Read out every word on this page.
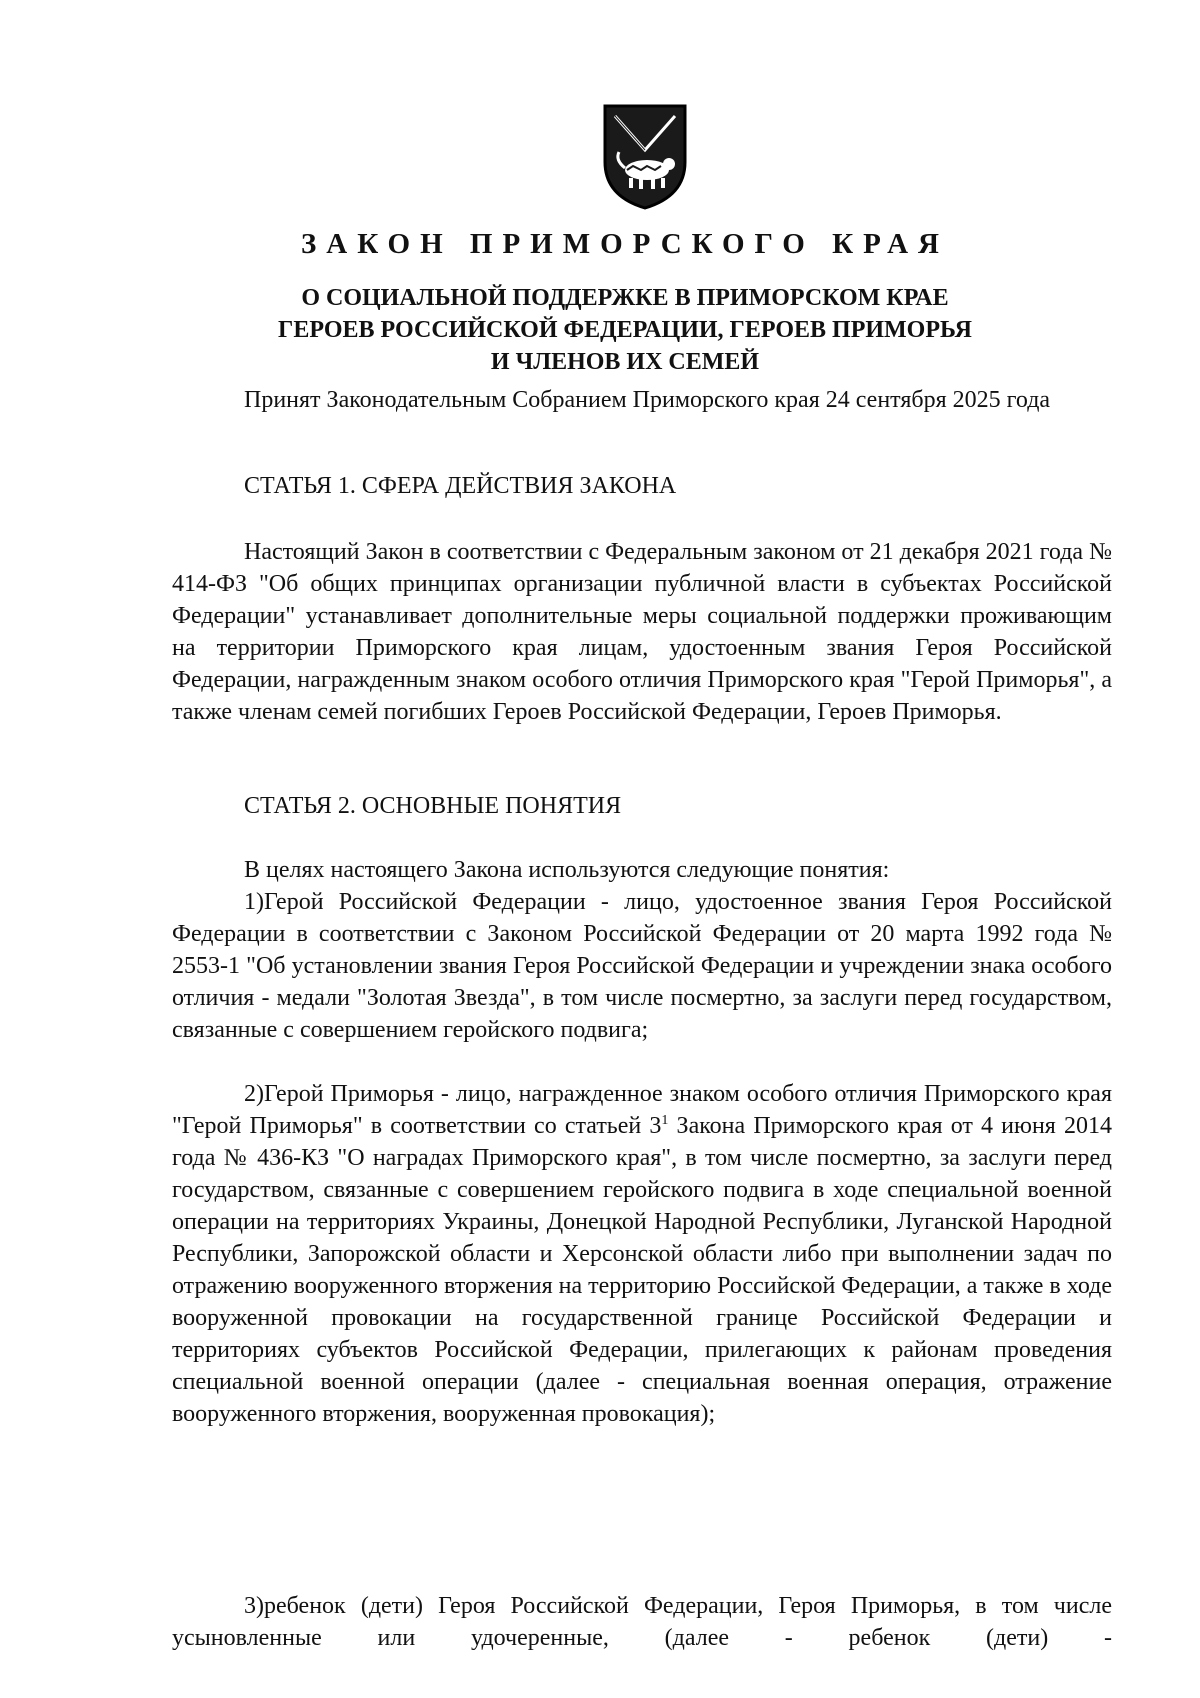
ЗАКОН ПРИМОРСКОГО КРАЯ
О СОЦИАЛЬНОЙ ПОДДЕРЖКЕ В ПРИМОРСКОМ КРАЕ
ГЕРОЕВ РОССИЙСКОЙ ФЕДЕРАЦИИ, ГЕРОЕВ ПРИМОРЬЯ
И ЧЛЕНОВ ИХ СЕМЕЙ
Принят Законодательным Собранием Приморского края 24 сентября 2025 года
СТАТЬЯ 1. СФЕРА ДЕЙСТВИЯ ЗАКОНА
Настоящий Закон в соответствии с Федеральным законом от 21 декабря 2021 года № 414-ФЗ "Об общих принципах организации публичной власти в субъектах Российской Федерации" устанавливает дополнительные меры социальной поддержки проживающим на территории Приморского края лицам, удостоенным звания Героя Российской Федерации, награжденным знаком особого отличия Приморского края "Герой Приморья", а также членам семей погибших Героев Российской Федерации, Героев Приморья.
СТАТЬЯ 2. ОСНОВНЫЕ ПОНЯТИЯ
В целях настоящего Закона используются следующие понятия:
1)Герой Российской Федерации - лицо, удостоенное звания Героя Российской Федерации в соответствии с Законом Российской Федерации от 20 марта 1992 года № 2553-1 "Об установлении звания Героя Российской Федерации и учреждении знака особого отличия - медали "Золотая Звезда", в том числе посмертно, за заслуги перед государством, связанные с совершением геройского подвига;
2)Герой Приморья - лицо, награжденное знаком особого отличия Приморского края "Герой Приморья" в соответствии со статьей $3^1$ Закона Приморского края от 4 июня 2014 года № 436-КЗ "О наградах Приморского края", в том числе посмертно, за заслуги перед государством, связанные с совершением геройского подвига в ходе специальной военной операции на территориях Украины, Донецкой Народной Республики, Луганской Народной Республики, Запорожской области и Херсонской области либо при выполнении задач по отражению вооруженного вторжения на территорию Российской Федерации, а также в ходе вооруженной провокации на государственной границе Российской Федерации и территориях субъектов Российской Федерации, прилегающих к районам проведения специальной военной операции (далее - специальная военная операция, отражение вооруженного вторжения, вооруженная провокация);
3)ребенок (дети) Героя Российской Федерации, Героя Приморья, в том числе усыновленные или удочеренные, (далее - ребенок (дети) -
